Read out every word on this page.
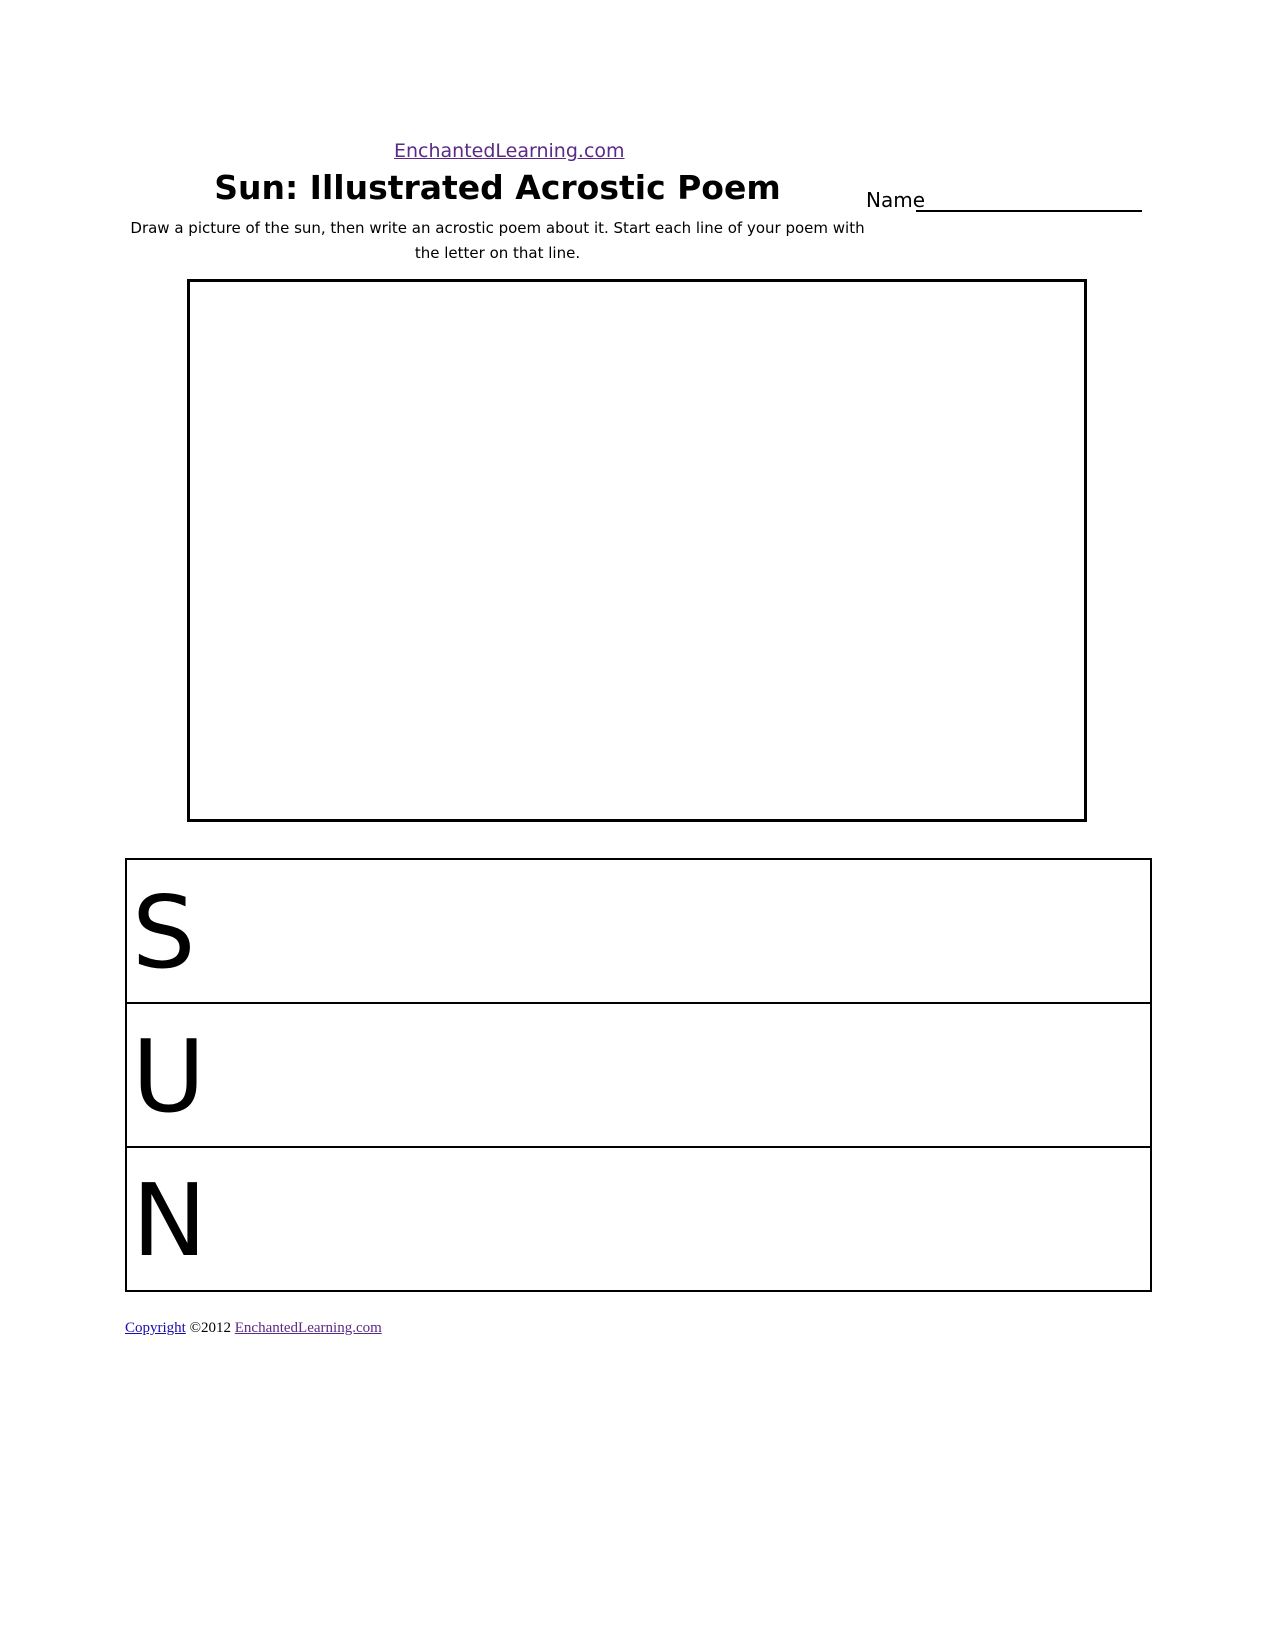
EnchantedLearning.com
Sun: Illustrated Acrostic Poem
Draw a picture of the sun, then write an acrostic poem about it. Start each line of your poem with the letter on that line.
Name
S
U
N
Copyright ©2012 EnchantedLearning.com
